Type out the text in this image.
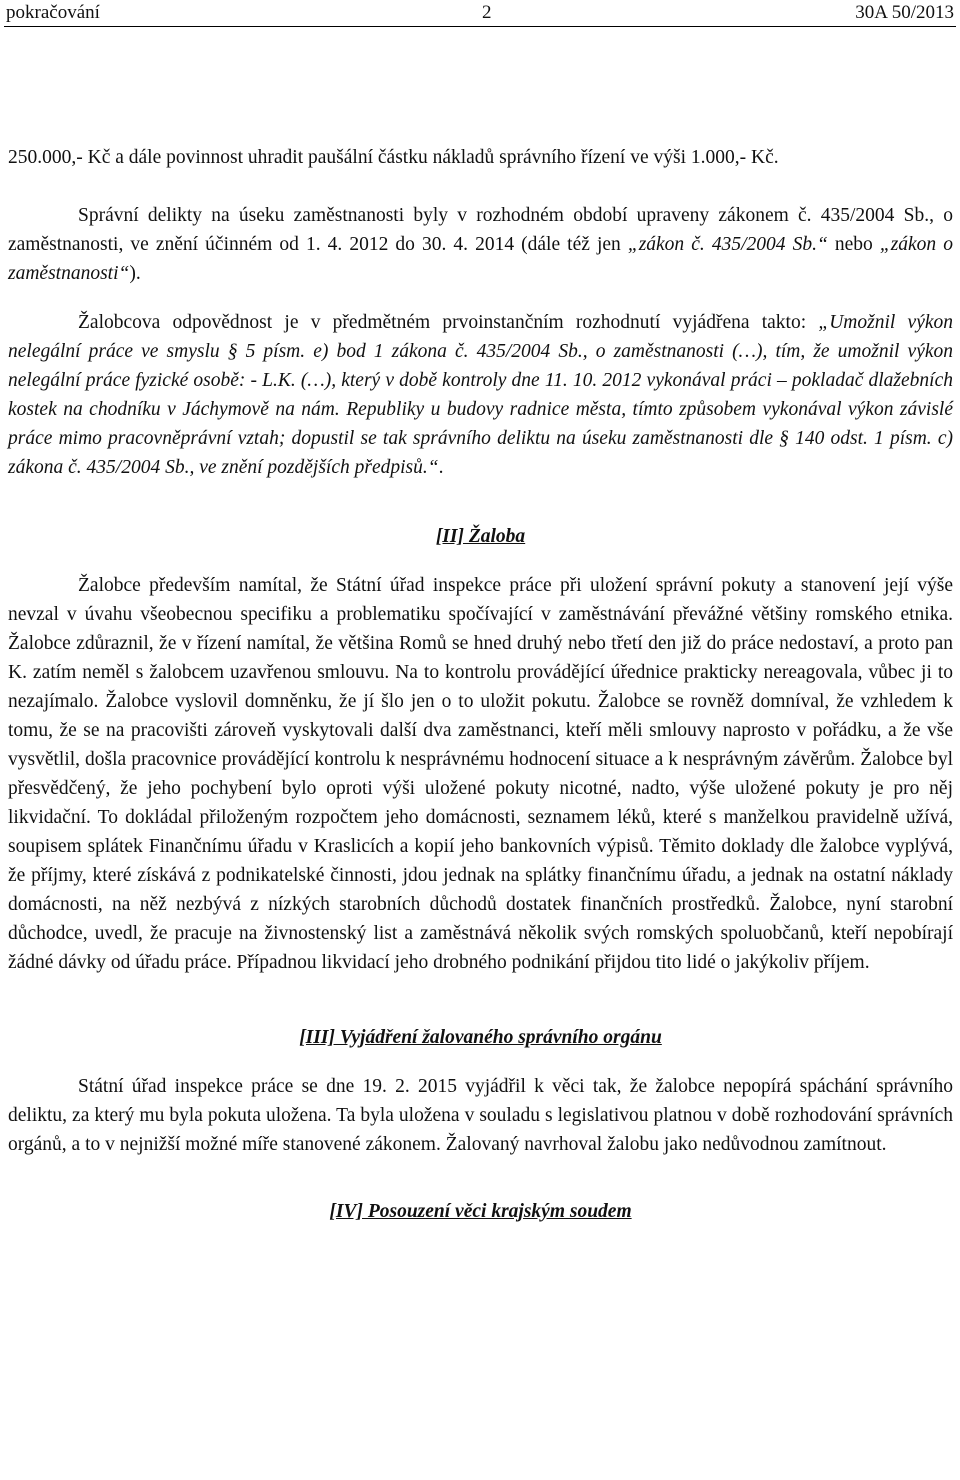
pokračování	2	30A 50/2013

250.000,- Kč a dále povinnost uhradit paušální částku nákladů správního řízení ve výši 1.000,- Kč.

Správní delikty na úseku zaměstnanosti byly v rozhodném období upraveny zákonem č. 435/2004 Sb., o zaměstnanosti, ve znění účinném od 1. 4. 2012 do 30. 4. 2014 (dále též jen „zákon č. 435/2004 Sb.“ nebo „zákon o zaměstnanosti“).

Žalobcova odpovědnost je v předmětném prvoinstančním rozhodnutí vyjádřena takto: „Umožnil výkon nelegální práce ve smyslu § 5 písm. e) bod 1 zákona č. 435/2004 Sb., o zaměstnanosti (…), tím, že umožnil výkon nelegální práce fyzické osobě: - L.K. (…), který v době kontroly dne 11. 10. 2012 vykonával práci – pokladač dlažebních kostek na chodníku v Jáchymově na nám. Republiky u budovy radnice města, tímto způsobem vykonával výkon závislé práce mimo pracovněprávní vztah; dopustil se tak správního deliktu na úseku zaměstnanosti dle § 140 odst. 1 písm. c) zákona č. 435/2004 Sb., ve znění pozdějších předpisů.“.

[II] Žaloba

Žalobce především namítal, že Státní úřad inspekce práce při uložení správní pokuty a stanovení její výše nevzal v úvahu všeobecnou specifiku a problematiku spočívající v zaměstnávání převážné většiny romského etnika. Žalobce zdůraznil, že v řízení namítal, že většina Romů se hned druhý nebo třetí den již do práce nedostaví, a proto pan K. zatím neměl s žalobcem uzavřenou smlouvu. Na to kontrolu provádějící úřednice prakticky nereagovala, vůbec ji to nezajímalo. Žalobce vyslovil domněnku, že jí šlo jen o to uložit pokutu. Žalobce se rovněž domníval, že vzhledem k tomu, že se na pracovišti zároveň vyskytovali další dva zaměstnanci, kteří měli smlouvy naprosto v pořádku, a že vše vysvětlil, došla pracovnice provádějící kontrolu k nesprávnému hodnocení situace a k nesprávným závěrům. Žalobce byl přesvědčený, že jeho pochybení bylo oproti výši uložené pokuty nicotné, nadto, výše uložené pokuty je pro něj likvidační. To dokládal přiloženým rozpočtem jeho domácnosti, seznamem léků, které s manželkou pravidelně užívá, soupisem splátek Finančnímu úřadu v Kraslicích a kopií jeho bankovních výpisů. Těmito doklady dle žalobce vyplývá, že příjmy, které získává z podnikatelské činnosti, jdou jednak na splátky finančnímu úřadu, a jednak na ostatní náklady domácnosti, na něž nezbývá z nízkých starobních důchodů dostatek finančních prostředků. Žalobce, nyní starobní důchodce, uvedl, že pracuje na živnostenský list a zaměstnává několik svých romských spoluobčanů, kteří nepobírají žádné dávky od úřadu práce. Případnou likvidací jeho drobného podnikání přijdou tito lidé o jakýkoliv příjem.

[III] Vyjádření žalovaného správního orgánu

Státní úřad inspekce práce se dne 19. 2. 2015 vyjádřil k věci tak, že žalobce nepopírá spáchání správního deliktu, za který mu byla pokuta uložena. Ta byla uložena v souladu s legislativou platnou v době rozhodování správních orgánů, a to v nejnižší možné míře stanovené zákonem. Žalovaný navrhoval žalobu jako nedůvodnou zamítnout.

[IV] Posouzení věci krajským soudem
